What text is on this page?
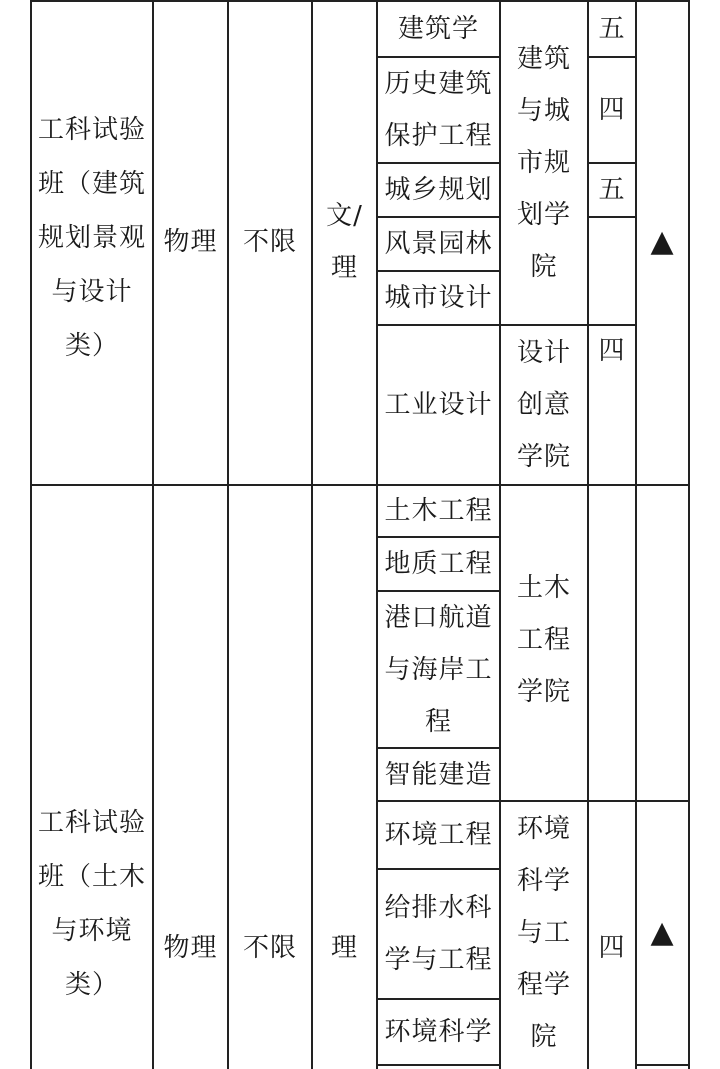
工科试验班（建筑规划景观与设计类）
物理 不限
文/理
建筑学
历史建筑保护工程
城乡规划
风景园林
城市设计
工业设计
建筑与城市规划学院
设计创意学院
五
四
五
四
▲
工科试验班（土木与环境类）
物理 不限	理
土木工程
地质工程
港口航道与海岸工程
智能建造
环境工程
给排水科学与工程
环境科学
土木工程学院
环境科学与工程学院
四 ▲
